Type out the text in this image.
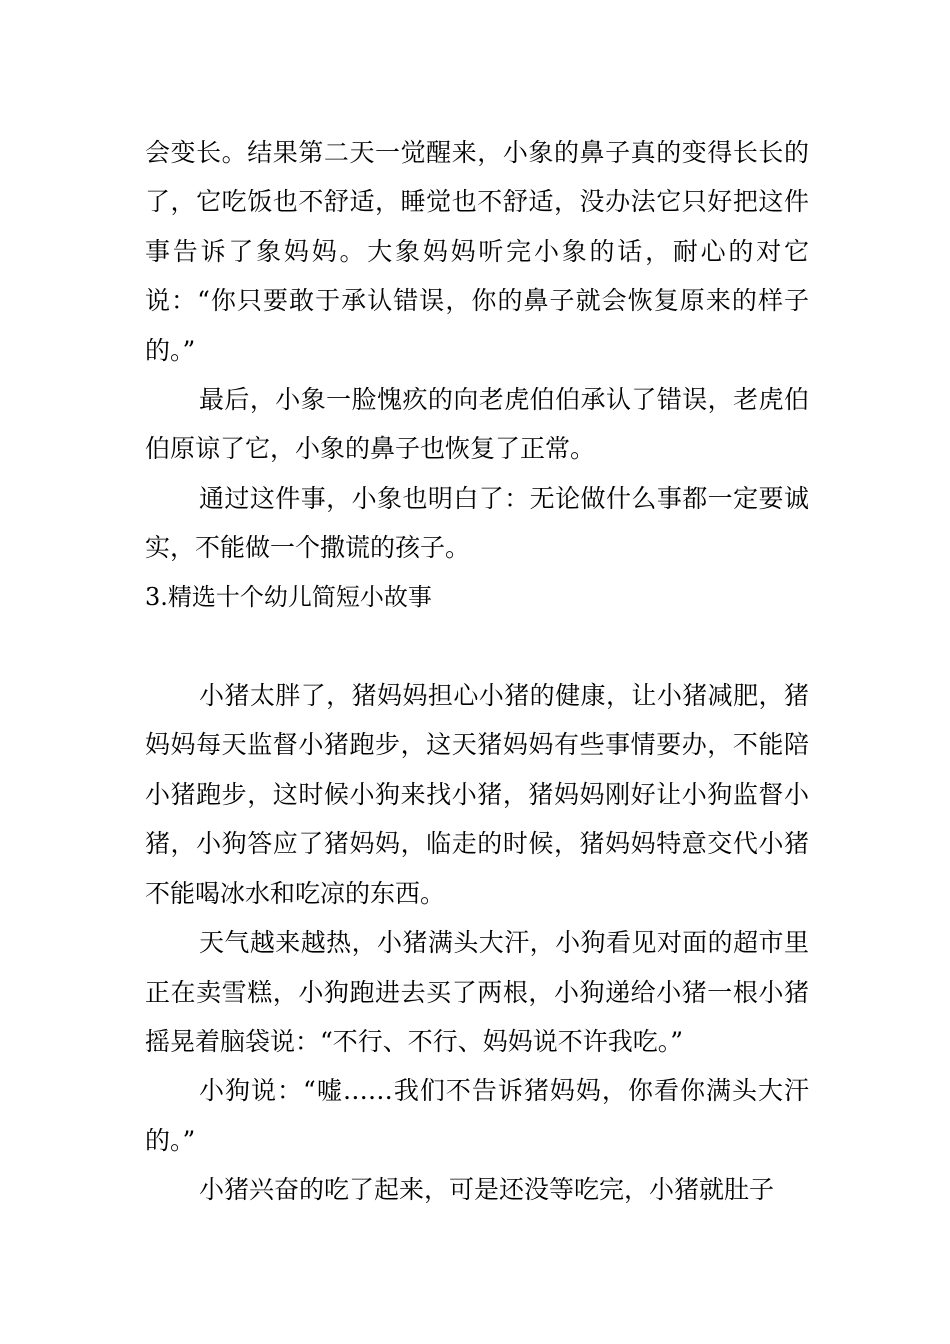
会变长。结果第二天一觉醒来，小象的鼻子真的变得长长的了，它吃饭也不舒适，睡觉也不舒适，没办法它只好把这件事告诉了象妈妈。大象妈妈听完小象的话，耐心的对它说：“你只要敢于承认错误，你的鼻子就会恢复原来的样子的。”

最后，小象一脸愧疚的向老虎伯伯承认了错误，老虎伯伯原谅了它，小象的鼻子也恢复了正常。

通过这件事，小象也明白了：无论做什么事都一定要诚实，不能做一个撒谎的孩子。

3.精选十个幼儿简短小故事

小猪太胖了，猪妈妈担心小猪的健康，让小猪减肥，猪妈妈每天监督小猪跑步，这天猪妈妈有些事情要办，不能陪小猪跑步，这时候小狗来找小猪，猪妈妈刚好让小狗监督小猪，小狗答应了猪妈妈，临走的时候，猪妈妈特意交代小猪不能喝冰水和吃凉的东西。

天气越来越热，小猪满头大汗，小狗看见对面的超市里正在卖雪糕，小狗跑进去买了两根，小狗递给小猪一根小猪摇晃着脑袋说：“不行、不行、妈妈说不许我吃。”

小狗说：“嘘……我们不告诉猪妈妈，你看你满头大汗的。”

小猪兴奋的吃了起来，可是还没等吃完，小猪就肚子
